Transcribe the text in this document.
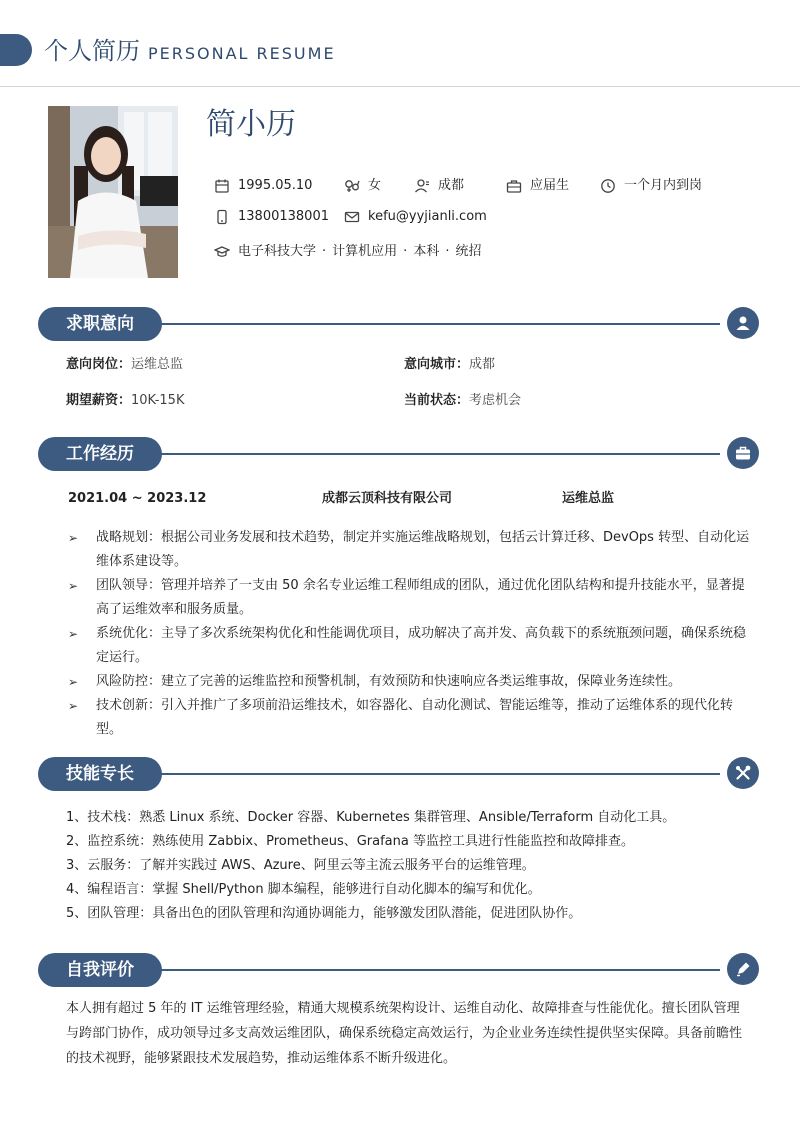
个人简历 PERSONAL RESUME
简小历
1995.05.10	女	成都	应届生	一个月内到岗
13800138001	kefu@yyjianli.com
电子科技大学 · 计算机应用 · 本科 · 统招
求职意向
意向岗位：运维总监	意向城市：成都
期望薪资：10K-15K	当前状态：考虑机会
工作经历
2021.04 ~ 2023.12	成都云顶科技有限公司	运维总监
➢ 战略规划：根据公司业务发展和技术趋势，制定并实施运维战略规划，包括云计算迁移、DevOps 转型、自动化运维体系建设等。
➢ 团队领导：管理并培养了一支由 50 余名专业运维工程师组成的团队，通过优化团队结构和提升技能水平，显著提高了运维效率和服务质量。
➢ 系统优化：主导了多次系统架构优化和性能调优项目，成功解决了高并发、高负载下的系统瓶颈问题，确保系统稳定运行。
➢ 风险防控：建立了完善的运维监控和预警机制，有效预防和快速响应各类运维事故，保障业务连续性。
➢ 技术创新：引入并推广了多项前沿运维技术，如容器化、自动化测试、智能运维等，推动了运维体系的现代化转型。
技能专长
1、技术栈：熟悉 Linux 系统、Docker 容器、Kubernetes 集群管理、Ansible/Terraform 自动化工具。
2、监控系统：熟练使用 Zabbix、Prometheus、Grafana 等监控工具进行性能监控和故障排查。
3、云服务：了解并实践过 AWS、Azure、阿里云等主流云服务平台的运维管理。
4、编程语言：掌握 Shell/Python 脚本编程，能够进行自动化脚本的编写和优化。
5、团队管理：具备出色的团队管理和沟通协调能力，能够激发团队潜能，促进团队协作。
自我评价
本人拥有超过 5 年的 IT 运维管理经验，精通大规模系统架构设计、运维自动化、故障排查与性能优化。擅长团队管理与跨部门协作，成功领导过多支高效运维团队，确保系统稳定高效运行，为企业业务连续性提供坚实保障。具备前瞻性的技术视野，能够紧跟技术发展趋势，推动运维体系不断升级进化。
